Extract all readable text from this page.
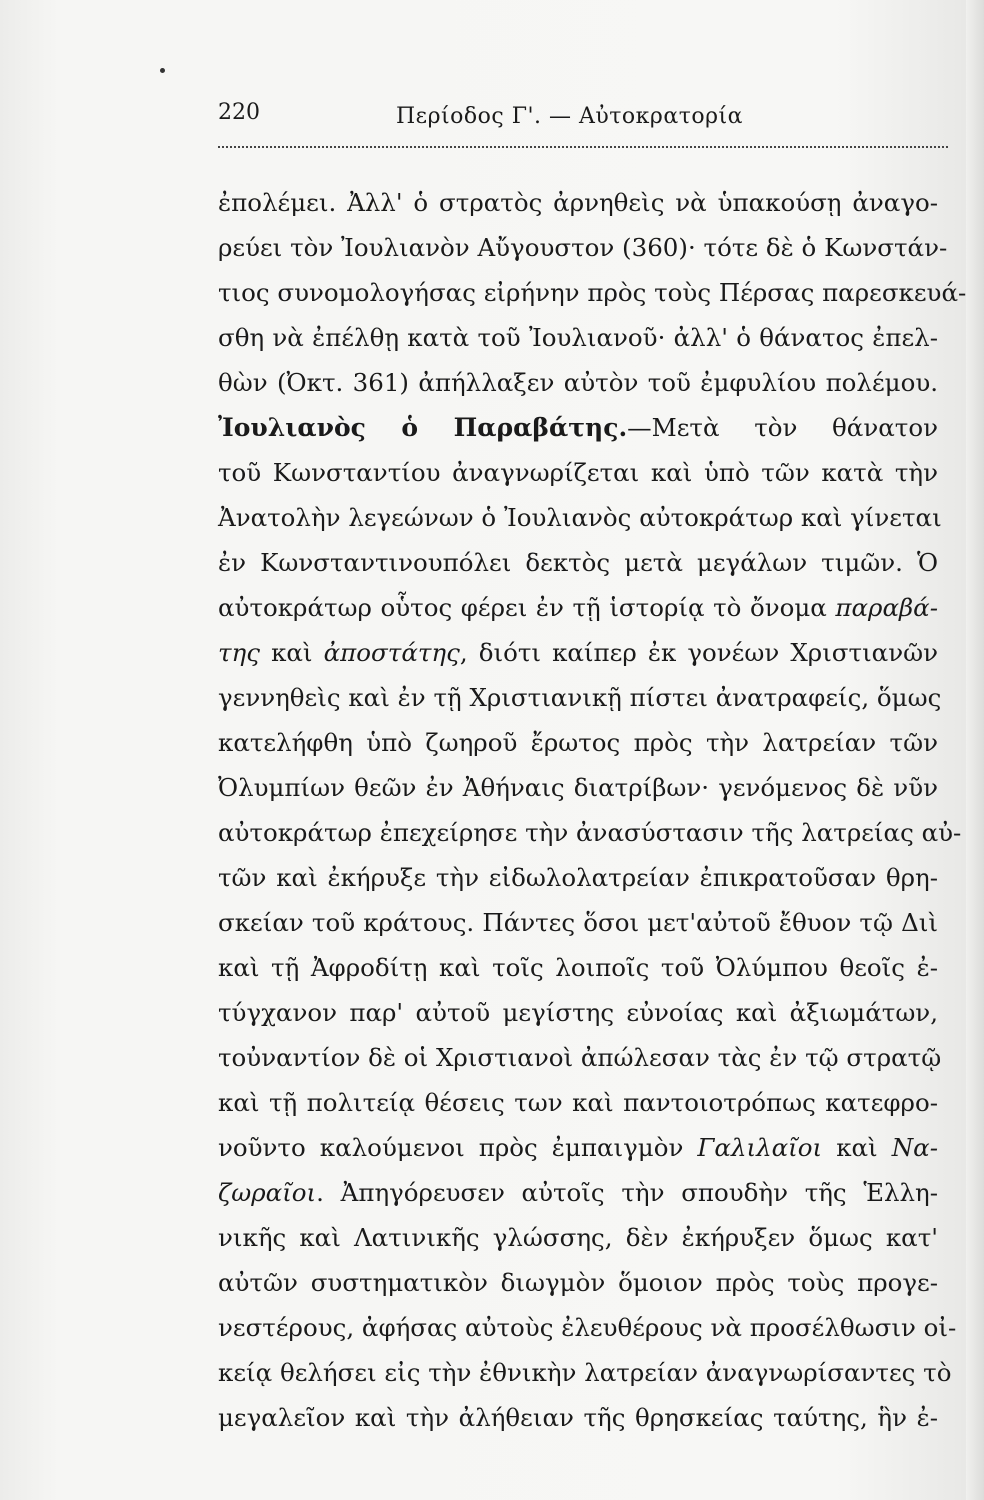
220	Περίοδος Γ'. — Αὐτοκρατορία
ἐπολέμει. Ἀλλ' ὁ στρατὸς ἀρνηθεὶς νὰ ὑπακούσῃ ἀναγο-
ρεύει τὸν Ἰουλιανὸν Αὔγουστον (360)· τότε δὲ ὁ Κωνστάν-
τιος συνομολογήσας εἰρήνην πρὸς τοὺς Πέρσας παρεσκευά-
σθη νὰ ἐπέλθῃ κατὰ τοῦ Ἰουλιανοῦ· ἀλλ' ὁ θάνατος ἐπελ-
θὼν (Ὀκτ. 361) ἀπήλλαξεν αὐτὸν τοῦ ἐμφυλίου πολέμου.
Ἰουλιανὸς ὁ Παραβάτης.—Μετὰ τὸν θάνατον
τοῦ Κωνσταντίου ἀναγνωρίζεται καὶ ὑπὸ τῶν κατὰ τὴν
Ἀνατολὴν λεγεώνων ὁ Ἰουλιανὸς αὐτοκράτωρ καὶ γίνεται
ἐν Κωνσταντινουπόλει δεκτὸς μετὰ μεγάλων τιμῶν. Ὁ
αὐτοκράτωρ οὗτος φέρει ἐν τῇ ἱστορίᾳ τὸ ὄνομα παραβά-
της καὶ ἀποστάτης, διότι καίπερ ἐκ γονέων Χριστιανῶν
γεννηθεὶς καὶ ἐν τῇ Χριστιανικῇ πίστει ἀνατραφείς, ὅμως
κατελήφθη ὑπὸ ζωηροῦ ἔρωτος πρὸς τὴν λατρείαν τῶν
Ὀλυμπίων θεῶν ἐν Ἀθήναις διατρίβων· γενόμενος δὲ νῦν
αὐτοκράτωρ ἐπεχείρησε τὴν ἀνασύστασιν τῆς λατρείας αὐ-
τῶν καὶ ἐκήρυξε τὴν εἰδωλολατρείαν ἐπικρατοῦσαν θρη-
σκείαν τοῦ κράτους. Πάντες ὅσοι μετ'αὐτοῦ ἔθυον τῷ Διὶ
καὶ τῇ Ἀφροδίτῃ καὶ τοῖς λοιποῖς τοῦ Ὀλύμπου θεοῖς ἐ-
τύγχανον παρ' αὐτοῦ μεγίστης εὐνοίας καὶ ἀξιωμάτων,
τοὐναντίον δὲ οἱ Χριστιανοὶ ἀπώλεσαν τὰς ἐν τῷ στρατῷ
καὶ τῇ πολιτείᾳ θέσεις των καὶ παντοιοτρόπως κατεφρο-
νοῦντο καλούμενοι πρὸς ἐμπαιγμὸν Γαλιλαῖοι καὶ Να-
ζωραῖοι. Ἀπηγόρευσεν αὐτοῖς τὴν σπουδὴν τῆς Ἑλλη-
νικῆς καὶ Λατινικῆς γλώσσης, δὲν ἐκήρυξεν ὅμως κατ'
αὐτῶν συστηματικὸν διωγμὸν ὅμοιον πρὸς τοὺς προγε-
νεστέρους, ἀφήσας αὐτοὺς ἐλευθέρους νὰ προσέλθωσιν οἰ-
κείᾳ θελήσει εἰς τὴν ἐθνικὴν λατρείαν ἀναγνωρίσαντες τὸ
μεγαλεῖον καὶ τὴν ἀλήθειαν τῆς θρησκείας ταύτης, ἣν ἐ-
